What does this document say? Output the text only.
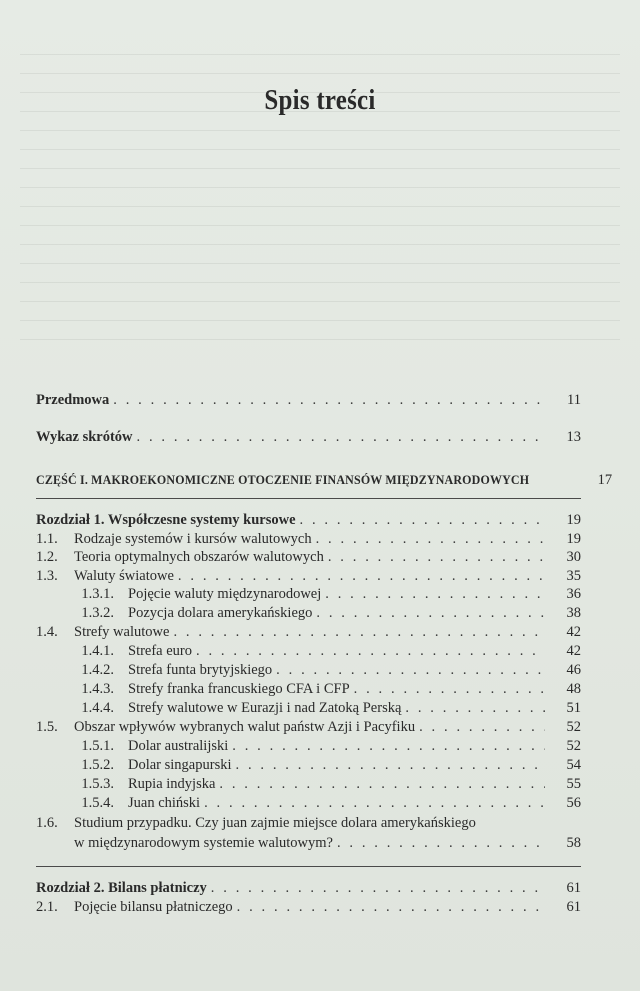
Spis treści
Przedmowa . . .	11
Wykaz skrótów . . .	13
CZĘŚĆ I. MAKROEKONOMICZNE OTOCZENIE FINANSÓW MIĘDZYNARODOWYCH	17
Rozdział 1. Współczesne systemy kursowe . . .	19
1.1.	Rodzaje systemów i kursów walutowych . . .	19
1.2.	Teoria optymalnych obszarów walutowych . . .	30
1.3.	Waluty światowe . . .	35
1.3.1. Pojęcie waluty międzynarodowej . . .	36
1.3.2. Pozycja dolara amerykańskiego . . .	38
1.4.	Strefy walutowe . . .	42
1.4.1. Strefa euro . . .	42
1.4.2. Strefa funta brytyjskiego . . .	46
1.4.3. Strefy franka francuskiego CFA i CFP . . .	48
1.4.4. Strefy walutowe w Eurazji i nad Zatoką Perską . . .	51
1.5.	Obszar wpływów wybranych walut państw Azji i Pacyfiku . . .	52
1.5.1. Dolar australijski . . .	52
1.5.2. Dolar singapurski . . .	54
1.5.3. Rupia indyjska . . .	55
1.5.4. Juan chiński . . .	56
1.6.	Studium przypadku. Czy juan zajmie miejsce dolara amerykańskiego
w międzynarodowym systemie walutowym? . . .	58
Rozdział 2. Bilans płatniczy . . .	61
2.1.	Pojęcie bilansu płatniczego . . .	61
